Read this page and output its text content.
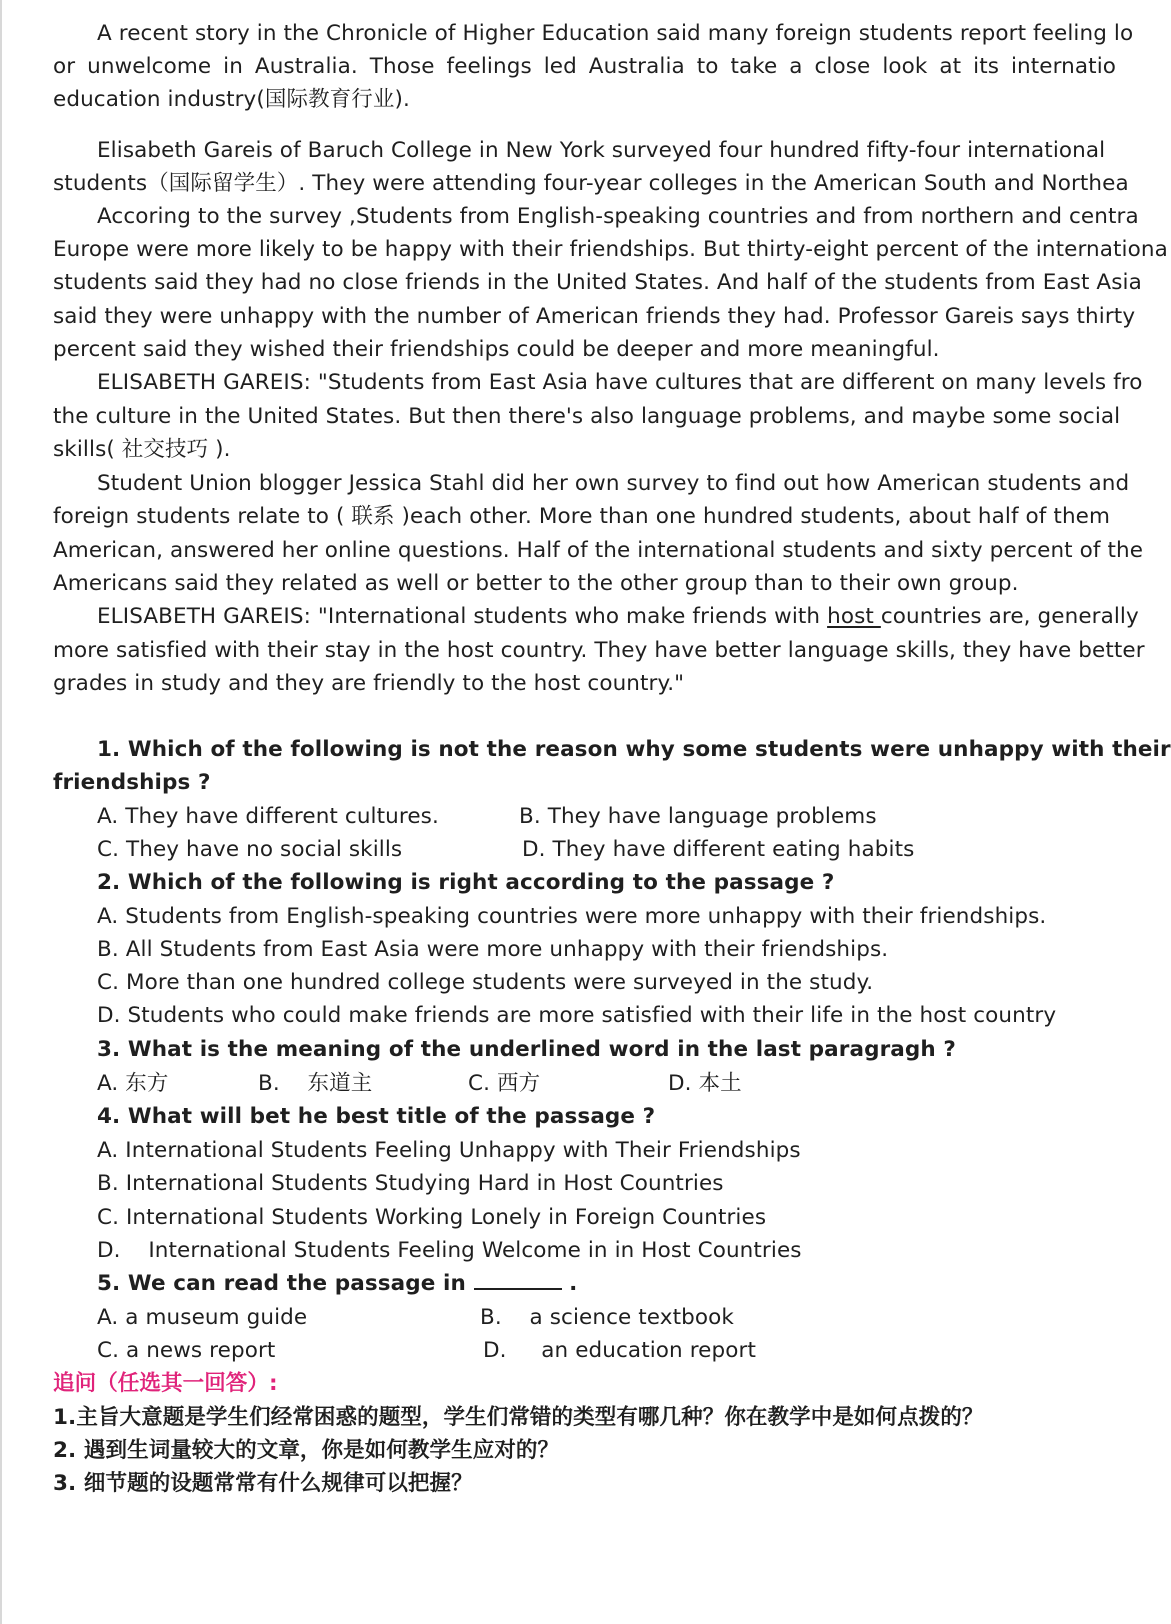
A recent story in the Chronicle of Higher Education said many foreign students report feeling lo
or unwelcome in Australia. Those feelings led Australia to take a close look at its internatio
education industry(国际教育行业).
Elisabeth Gareis of Baruch College in New York surveyed four hundred fifty-four international
students（国际留学生）. They were attending four-year colleges in the American South and Northea
Accoring to the survey ,Students from English-speaking countries and from northern and centra
Europe were more likely to be happy with their friendships. But thirty-eight percent of the internationa
students said they had no close friends in the United States. And half of the students from East Asia
said they were unhappy with the number of American friends they had. Professor Gareis says thirty
percent said they wished their friendships could be deeper and more meaningful.
ELISABETH GAREIS: "Students from East Asia have cultures that are different on many levels fro
the culture in the United States. But then there's also language problems, and maybe some social
skills( 社交技巧 ).
Student Union blogger Jessica Stahl did her own survey to find out how American students and
foreign students relate to ( 联系 )each other. More than one hundred students, about half of them
American, answered her online questions. Half of the international students and sixty percent of the
Americans said they related as well or better to the other group than to their own group.
ELISABETH GAREIS: "International students who make friends with host countries are, generally
more satisfied with their stay in the host country. They have better language skills, they have better
grades in study and they are friendly to the host country."
1. Which of the following is not the reason why some students were unhappy with their
friendships ?
A. They have different cultures.	B. They have language problems
C. They have no social skills	D. They have different eating habits
2. Which of the following is right according to the passage ?
A. Students from English-speaking countries were more unhappy with their friendships.
B. All Students from East Asia were more unhappy with their friendships.
C. More than one hundred college students were surveyed in the study.
D. Students who could make friends are more satisfied with their life in the host country
3. What is the meaning of the underlined word in the last paragragh ?
A. 东方	B.    东道主	C. 西方	D. 本土
4. What will bet he best title of the passage ?
A. International Students Feeling Unhappy with Their Friendships
B. International Students Studying Hard in Host Countries
C. International Students Working Lonely in Foreign Countries
D.    International Students Feeling Welcome in in Host Countries
5. We can read the passage in	.
A. a museum guide	B.    a science textbook
C. a news report	D.     an education report
追问（任选其一回答）:
1.主旨大意题是学生们经常困惑的题型，学生们常错的类型有哪几种？你在教学中是如何点拨的？
2. 遇到生词量较大的文章，你是如何教学生应对的？
3. 细节题的设题常常有什么规律可以把握？
